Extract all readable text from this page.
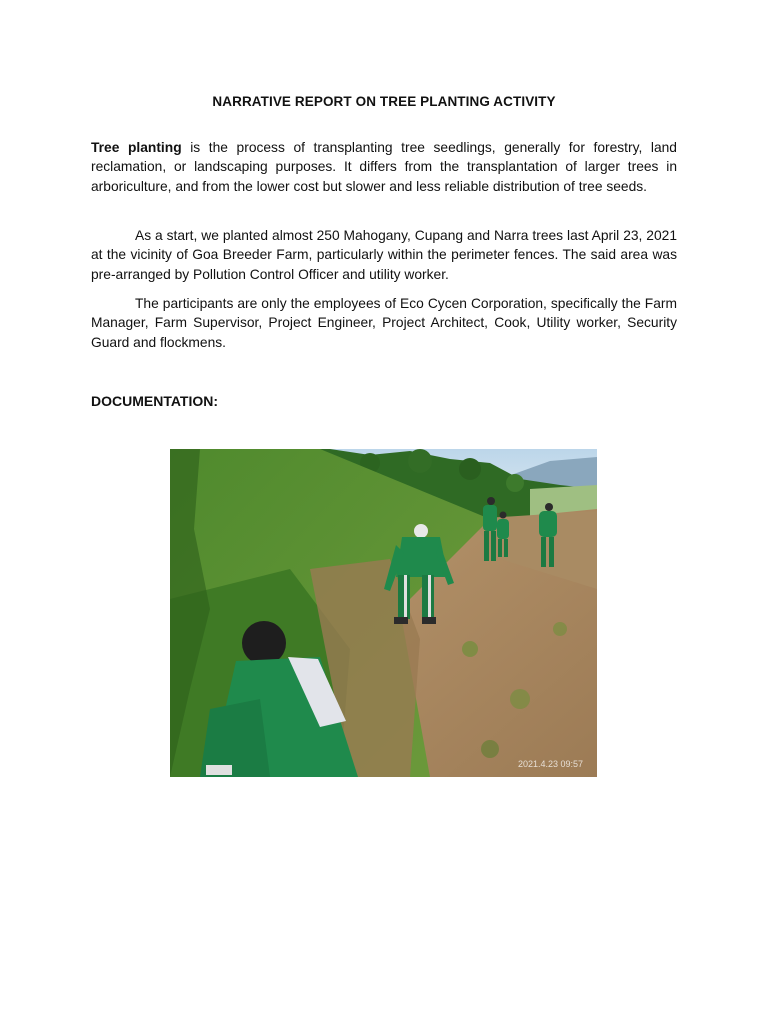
NARRATIVE REPORT ON TREE PLANTING ACTIVITY
Tree planting is the process of transplanting tree seedlings, generally for forestry, land reclamation, or landscaping purposes. It differs from the transplantation of larger trees in arboriculture, and from the lower cost but slower and less reliable distribution of tree seeds.
As a start, we planted almost 250 Mahogany, Cupang and Narra trees last April 23, 2021 at the vicinity of Goa Breeder Farm, particularly within the perimeter fences. The said area was pre-arranged by Pollution Control Officer and utility worker.
The participants are only the employees of Eco Cycen Corporation, specifically the Farm Manager, Farm Supervisor, Project Engineer, Project Architect, Cook, Utility worker, Security Guard and flockmens.
DOCUMENTATION:
2021.4.23 09:57
